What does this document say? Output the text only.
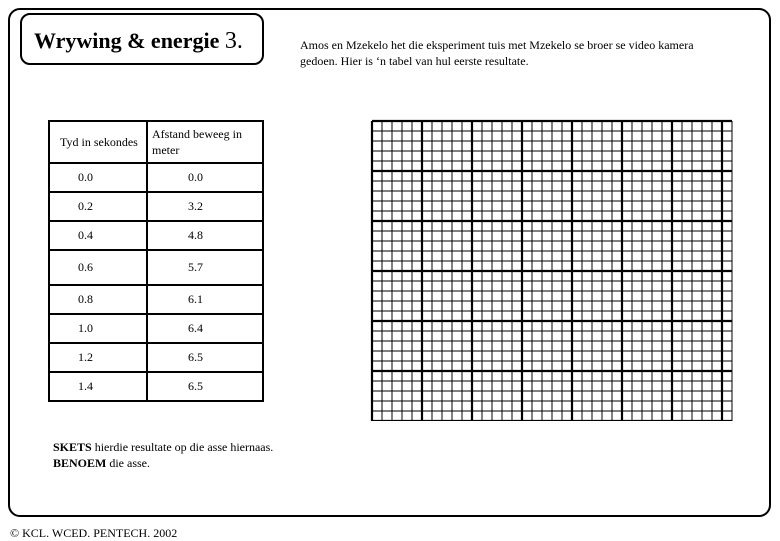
Wrywing & energie 3.	Amos en Mzekelo het die eksperiment tuis met Mzekelo se broer se video kamera gedoen. Hier is ‘n tabel van hul eerste resultate.
Tyd in sekondes	Afstand beweeg in meter
0.0	0.0
0.2	3.2
0.4	4.8
0.6	5.7
0.8	6.1
1.0	6.4
1.2	6.5
1.4	6.5
SKETS hierdie resultate op die asse hiernaas.
BENOEM die asse.
© KCL. WCED. PENTECH. 2002
